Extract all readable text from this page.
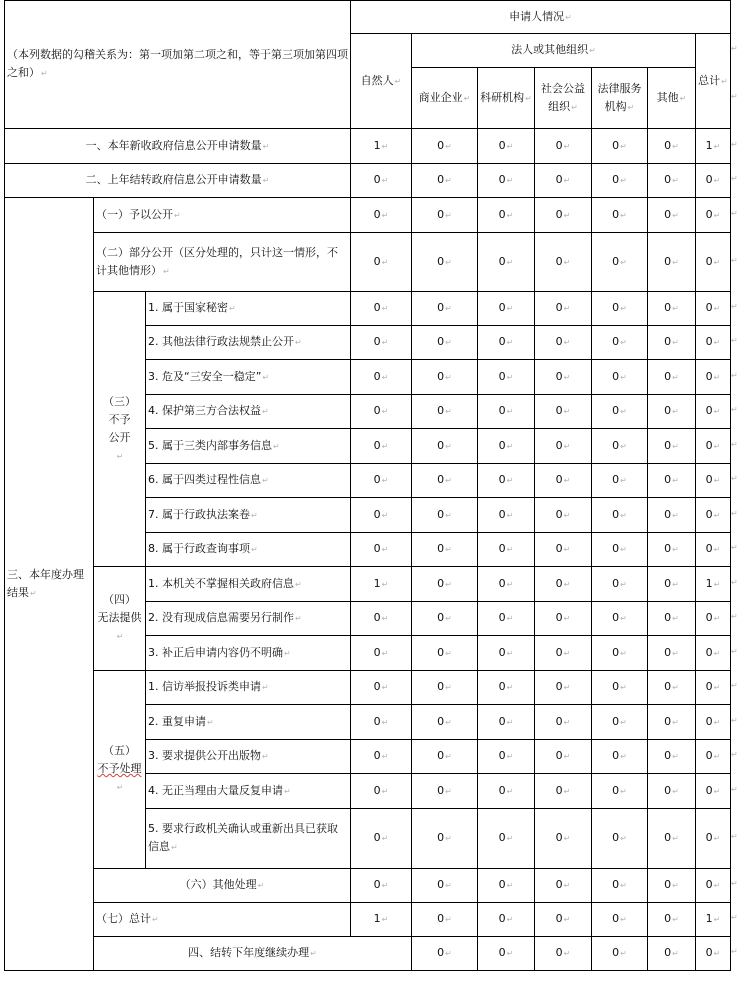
（本列数据的勾稽关系为：第一项加第二项之和，等于第三项加第四项之和）↵			申请人情况↵							
			自然人↵	法人或其他组织↵					总计↵	
				商业企业↵	科研机构↵	社会公益组织↵	法律服务机构↵	其他↵		
一、本年新收政府信息公开申请数量↵			1↵	0↵	0↵	0↵	0↵	0↵	1↵	
二、上年结转政府信息公开申请数量↵			0↵	0↵	0↵	0↵	0↵	0↵	0↵	
三、本年度办理结果↵	（一）予以公开↵		0↵	0↵	0↵	0↵	0↵	0↵	0↵	
	（二）部分公开（区分处理的，只计这一情形，不计其他情形）↵		0↵	0↵	0↵	0↵	0↵	0↵	0↵	

	（三）
不予
公开
↵	1. 属于国家秘密↵	0↵	0↵	0↵	0↵	0↵	0↵	0↵	
		2. 其他法律行政法规禁止公开↵	0↵	0↵	0↵	0↵	0↵	0↵	0↵	
		3. 危及“三安全一稳定”↵	0↵	0↵	0↵	0↵	0↵	0↵	0↵	
		4. 保护第三方合法权益↵	0↵	0↵	0↵	0↵	0↵	0↵	0↵	
		5. 属于三类内部事务信息↵	0↵	0↵	0↵	0↵	0↵	0↵	0↵	
		6. 属于四类过程性信息↵	0↵	0↵	0↵	0↵	0↵	0↵	0↵	
		7. 属于行政执法案卷↵	0↵	0↵	0↵	0↵	0↵	0↵	0↵	
		8. 属于行政查询事项↵	0↵	0↵	0↵	0↵	0↵	0↵	0↵	

	（四）
无法提供
↵	1. 本机关不掌握相关政府信息↵	1↵	0↵	0↵	0↵	0↵	0↵	1↵	
		2. 没有现成信息需要另行制作↵	0↵	0↵	0↵	0↵	0↵	0↵	0↵	
		3. 补正后申请内容仍不明确↵	0↵	0↵	0↵	0↵	0↵	0↵	0↵	

	（五）
不予处理
↵	1. 信访举报投诉类申请↵	0↵	0↵	0↵	0↵	0↵	0↵	0↵	
		2. 重复申请↵	0↵	0↵	0↵	0↵	0↵	0↵	0↵	
		3. 要求提供公开出版物↵	0↵	0↵	0↵	0↵	0↵	0↵	0↵	
		4. 无正当理由大量反复申请↵	0↵	0↵	0↵	0↵	0↵	0↵	0↵	
		5. 要求行政机关确认或重新出具已获取信息↵	0↵	0↵	0↵	0↵	0↵	0↵	0↵	
	（六）其他处理↵		0↵	0↵	0↵	0↵	0↵	0↵	0↵	
	（七）总计↵		1↵	0↵	0↵	0↵	0↵	0↵	1↵	
	四、结转下年度继续办理↵			0↵	0↵	0↵	0↵	0↵	0↵	
↵
↵
↵
↵
↵
↵
↵
↵
↵
↵
↵
↵
↵
↵
↵
↵
↵
↵
↵
↵
↵
↵
↵
↵
↵
